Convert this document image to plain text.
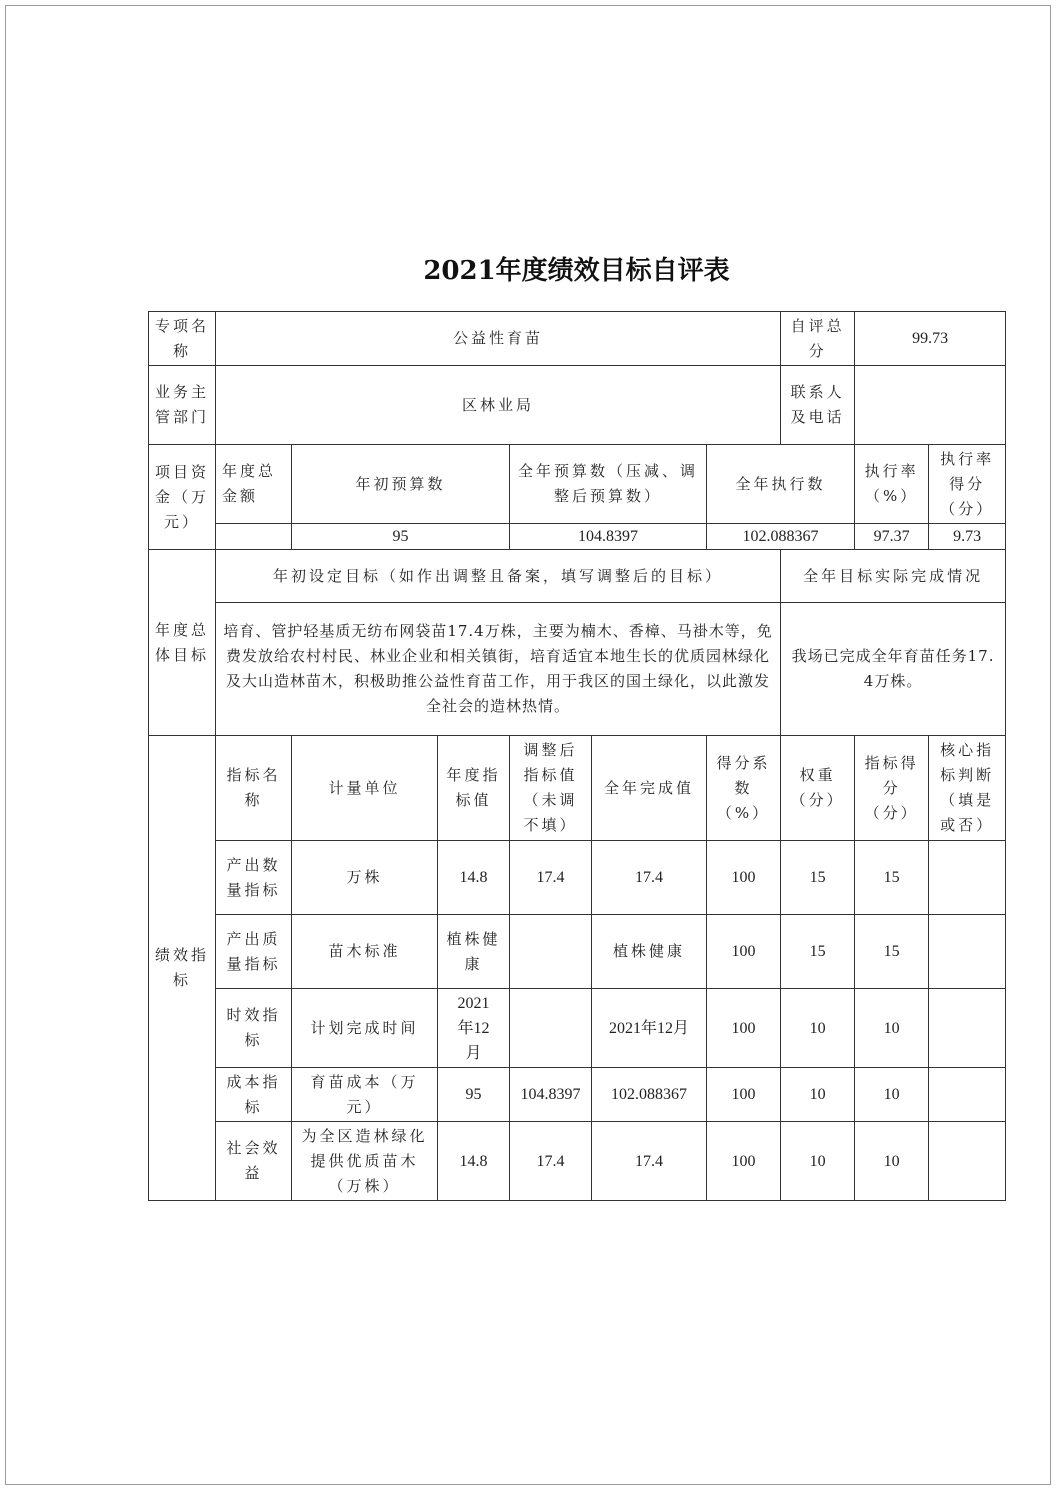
2021年度绩效目标自评表
专项名称	公益性育苗						自评总分	99.73	
业务主管部门	区林业局						联系人及电话		
项目资金（万元）	年度总金额	年初预算数		全年预算数（压减、调整后预算数）		全年执行数		执行率（%）	执行率得分（分）
		95		104.8397		102.088367		97.37	9.73
年度总体目标	年初设定目标（如作出调整且备案，填写调整后的目标）						全年目标实际完成情况		
	培育、管护轻基质无纺布网袋苗17.4万株，主要为楠木、香樟、马褂木等，免费发放给农村村民、林业企业和相关镇街，培育适宜本地生长的优质园林绿化及大山造林苗木，积极助推公益性育苗工作，用于我区的国土绿化，以此激发全社会的造林热情。						我场已完成全年育苗任务17.4万株。		
绩效指标	指标名称	计量单位	年度指标值	调整后指标值（未调不填）	全年完成值	得分系数（%）	权重（分）	指标得分（分）	核心指标判断（填是或否）
	产出数量指标	万株	14.8	17.4	17.4	100	15	15	
	产出质量指标	苗木标准	植株健康		植株健康	100	15	15	
	时效指标	计划完成时间	2021年12月		2021年12月	100	10	10	
	成本指标	育苗成本（万元）	95	104.8397	102.088367	100	10	10	
	社会效益	为全区造林绿化提供优质苗木（万株）	14.8	17.4	17.4	100	10	10	
